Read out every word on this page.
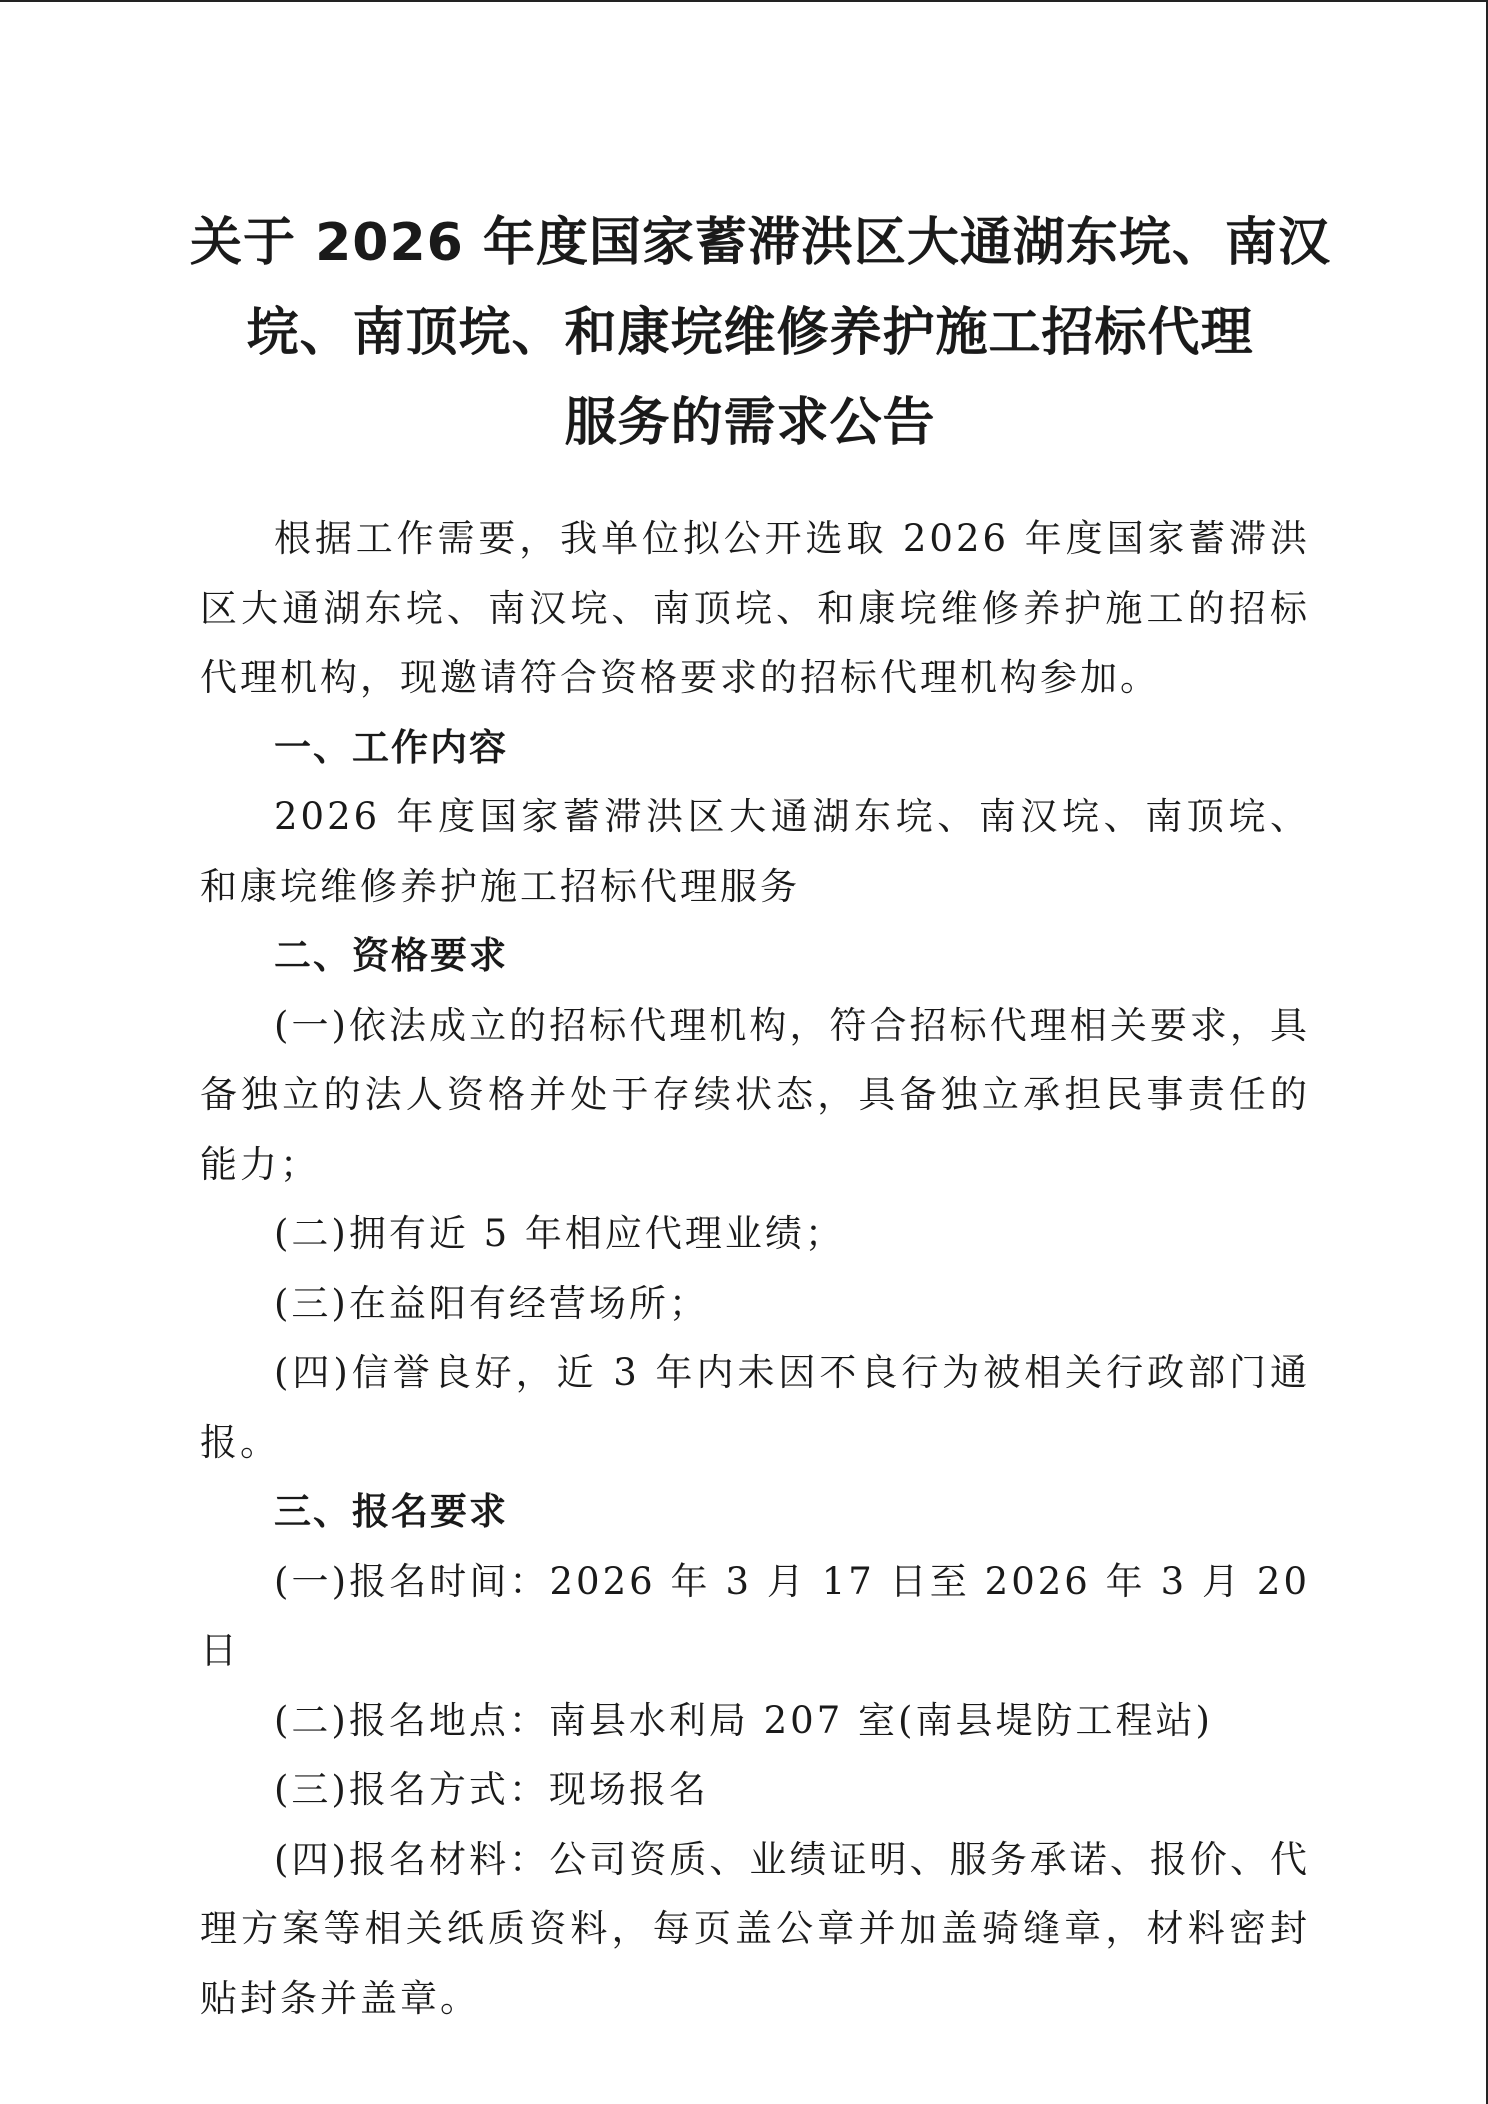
关于 2026 年度国家蓄滞洪区大通湖东垸、南汉
垸、南顶垸、和康垸维修养护施工招标代理
服务的需求公告

根据工作需要，我单位拟公开选取 2026 年度国家蓄滞洪区大通湖东垸、南汉垸、南顶垸、和康垸维修养护施工的招标代理机构，现邀请符合资格要求的招标代理机构参加。

一、工作内容

2026 年度国家蓄滞洪区大通湖东垸、南汉垸、南顶垸、和康垸维修养护施工招标代理服务

二、资格要求

(一)依法成立的招标代理机构，符合招标代理相关要求，具备独立的法人资格并处于存续状态，具备独立承担民事责任的能力；

(二)拥有近 5 年相应代理业绩；

(三)在益阳有经营场所；

(四)信誉良好，近 3 年内未因不良行为被相关行政部门通报。

三、报名要求

(一)报名时间：2026 年 3 月 17 日至 2026 年 3 月 20 日

(二)报名地点：南县水利局 207 室(南县堤防工程站)

(三)报名方式：现场报名

(四)报名材料：公司资质、业绩证明、服务承诺、报价、代理方案等相关纸质资料，每页盖公章并加盖骑缝章，材料密封贴封条并盖章。
